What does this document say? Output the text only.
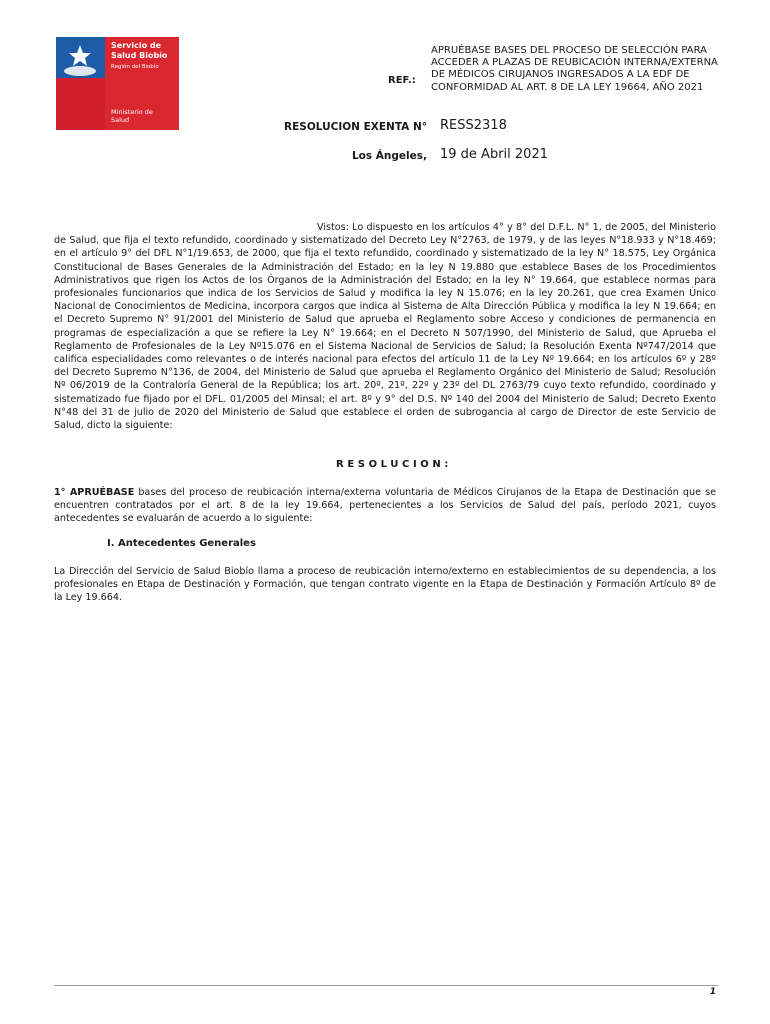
Servicio de
Salud Biobío
Región del Biobío
Ministerio de
Salud
REF.:
APRUÉBASE BASES DEL PROCESO DE SELECCIÓN PARA ACCEDER A PLAZAS DE REUBICACIÓN INTERNA/EXTERNA DE MÉDICOS CIRUJANOS INGRESADOS A LA EDF DE CONFORMIDAD AL ART. 8 DE LA LEY 19664, AÑO 2021
RESOLUCION EXENTA N° RESS2318
Los Ángeles, 19 de Abril 2021
Vistos: Lo dispuesto en los artículos 4° y 8° del D.F.L. N° 1, de 2005, del Ministerio de Salud, que fija el texto refundido, coordinado y sistematizado del Decreto Ley N°2763, de 1979, y de las leyes N°18.933 y N°18.469; en el artículo 9° del DFL N°1/19.653, de 2000, que fija el texto refundido, coordinado y sistematizado de la ley N° 18.575, Ley Orgánica Constitucional de Bases Generales de la Administración del Estado; en la ley N 19.880 que establece Bases de los Procedimientos Administrativos que rigen los Actos de los Órganos de la Administración del Estado; en la ley N° 19.664, que establece normas para profesionales funcionarios que indica de los Servicios de Salud y modifica la ley N 15.076; en la ley 20.261, que crea Examen Único Nacional de Conocimientos de Medicina, incorpora cargos que indica al Sistema de Alta Dirección Pública y modifica la ley N 19.664; en el Decreto Supremo N° 91/2001 del Ministerio de Salud que aprueba el Reglamento sobre Acceso y condiciones de permanencia en programas de especialización a que se refiere la Ley N° 19.664; en el Decreto N 507/1990, del Ministerio de Salud, que Aprueba el Reglamento de Profesionales de la Ley Nº15.076 en el Sistema Nacional de Servicios de Salud; la Resolución Exenta Nº747/2014 que califica especialidades como relevantes o de interés nacional para efectos del artículo 11 de la Ley Nº 19.664; en los artículos 6º y 28º del Decreto Supremo N°136, de 2004, del Ministerio de Salud que aprueba el Reglamento Orgánico del Ministerio de Salud; Resolución Nº 06/2019 de la Contraloría General de la República; los art. 20º, 21º, 22º y 23º del DL 2763/79 cuyo texto refundido, coordinado y sistematizado fue fijado por el DFL. 01/2005 del Minsal; el art. 8º y 9° del D.S. Nº 140 del 2004 del Ministerio de Salud; Decreto Exento N°48 del 31 de julio de 2020 del Ministerio de Salud que establece el orden de subrogancia al cargo de Director de este Servicio de Salud, dicto la siguiente:
RESOLUCION:
1° APRUÉBASE bases del proceso de reubicación interna/externa voluntaria de Médicos Cirujanos de la Etapa de Destinación que se encuentren contratados por el art. 8 de la ley 19.664, pertenecientes a los Servicios de Salud del país, período 2021, cuyos antecedentes se evaluarán de acuerdo a lo siguiente:
I. Antecedentes Generales
La Dirección del Servicio de Salud Biobío llama a proceso de reubicación interno/externo en establecimientos de su dependencia, a los profesionales en Etapa de Destinación y Formación, que tengan contrato vigente en la Etapa de Destinación y Formación Artículo 8º de la Ley 19.664.
1
